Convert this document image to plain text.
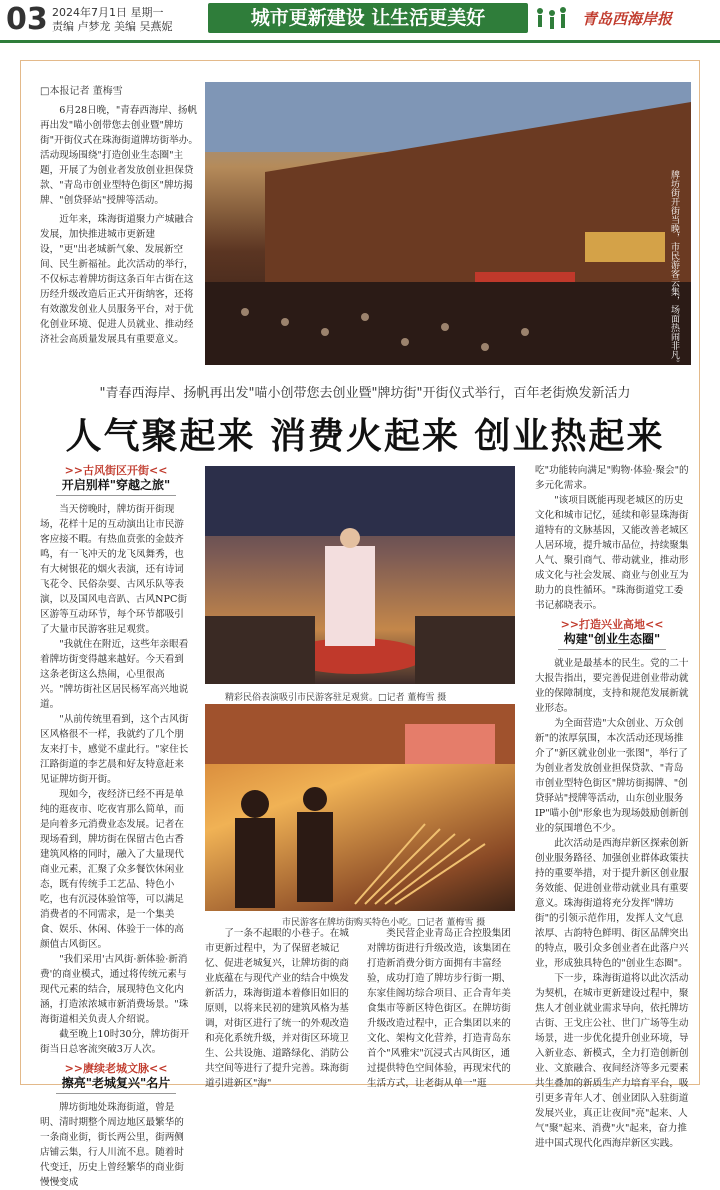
03 2024年7月1日 星期一
责编 卢梦龙 美编 吴燕妮	城市更新建设 让生活更美好	青岛西海岸报
□本报记者 董梅雪

6月28日晚，"青春西海岸、扬帆再出发"喵小创带您去创业暨"牌坊街"开街仪式在珠海街道牌坊街举办。活动现场围绕"打造创业生态圈"主题，开展了为创业者发放创业担保贷款、"青岛市创业型特色街区"牌坊揭牌、"创贷驿站"授牌等活动。

近年来，珠海街道聚力产城融合发展，加快推进城市更新建设，"更"出老城新气象、发展新空间、民生新福祉。此次活动的举行，不仅标志着牌坊街这条百年古街在这历经升级改造后正式开街纳客，还将有效激发创业人员服务平台，对于优化创业环境、促进人员就业、推动经济社会高质量发展具有重要意义。	牌坊街开街当晚，市民游客云集，场面热闹非凡。
"青春西海岸、扬帆再出发"喵小创带您去创业暨"牌坊街"开街仪式举行，百年老街焕发新活力
人气聚起来 消费火起来 创业热起来
>>古风街区开街<<
开启别样"穿越之旅"

当天傍晚时，牌坊街开街现场，花样十足的互动演出让市民游客应接不暇。有热血贲张的金鼓齐鸣，有一飞冲天的龙飞凤舞秀，也有大树银花的烟火表演，还有诗词飞花令、民俗杂耍、古风乐队等表演，以及国风电音趴、古风NPC街区游等互动环节，每个环节都吸引了大量市民游客驻足观赏。

"我就住在附近，这些年亲眼看着牌坊街变得越来越好。今天看到这条老街这么热闹，心里很高兴。"牌坊街社区居民杨军高兴地说道。

"从前传统里看到，这个古风街区风格很不一样，我就约了几个朋友来打卡，感觉不虚此行。"家住长江路街道的李艺晨和好友特意赶来见证牌坊街开街。

现如今，夜经济已经不再是单纯的逛夜市、吃夜宵那么简单，而是向着多元消费业态发展。记者在现场看到，牌坊街在保留古色古香建筑风格的同时，融入了大量现代商业元素，汇聚了众多餐饮休闲业态，既有传统手工艺品、特色小吃，也有沉浸体验馆等，可以满足消费者的不同需求，是一个集美食、娱乐、休闲、体验于一体的高颜值古风街区。

"我们采用'古风街·新体验·新消费'的商业模式，通过将传统元素与现代元素的结合，展现特色文化内涵，打造浓浓城市新消费场景。"珠海街道相关负责人介绍说。

截至晚上10时30分，牌坊街开街当日总客流突破3万人次。

>>赓续老城文脉<<
擦亮"老城复兴"名片

牌坊街地处珠海街道，曾是明、清时期整个周边地区最繁华的一条商业街，街长两公里，街两侧店铺云集，行人川流不息。随着时代变迁，历史上曾经繁华的商业街慢慢变成

精彩民俗表演吸引市民游客驻足观赏。□记者 董梅雪 摄
市民游客在牌坊街购买特色小吃。□记者 董梅雪 摄

了一条不起眼的小巷子。在城市更新过程中，为了保留老城记忆、促进老城复兴，让牌坊街的商业底蕴在与现代产业的结合中焕发新活力，珠海街道本着修旧如旧的原则，以将来民初的建筑风格为基调，对街区进行了统一的外观改造和亮化系统升级，并对街区环境卫生、公共设施、道路绿化、消防公共空间等进行了提升完善。珠海街道引进新区"海"

类民营企业青岛正合控股集团对牌坊街进行升级改造，该集团在打造新消费分街方面拥有丰富经验，成功打造了牌坊步行街一期、东家佳阁坊综合项目、正合青年美食集市等新区特色街区。在牌坊街升级改造过程中，正合集团以来的文化、架构文化营养，打造青岛东首个"风雅宋"沉浸式古风街区，通过提供特色空间体验，再现宋代的生活方式，让老街从单一"逛

吃"功能转向满足"购物·体验·聚会"的多元化需求。

"该项目既能再现老城区的历史文化和城市记忆，延续和彰显珠海街道特有的文脉基因，又能改善老城区人居环境，提升城市品位，持续聚集人气、聚引商气、带动就业，推动形成文化与社会发展、商业与创业互为助力的良性循环。"珠海街道党工委书记郝晓表示。

>>打造兴业高地<<
构建"创业生态圈"

就业是最基本的民生。党的二十大报告指出，要完善促进创业带动就业的保障制度，支持和规范发展新就业形态。

为全面营造"大众创业、万众创新"的浓厚氛围，本次活动还现场推介了"新区就业创业一张图"，举行了为创业者发放创业担保贷款、"青岛市创业型特色街区"牌坊街揭牌、"创贷驿站"授牌等活动，山东创业服务IP"喵小创"形象也为现场鼓励创新创业的氛围增色不少。

此次活动是西海岸新区探索创新创业服务路径、加强创业群体政策扶持的重要举措，对于提升新区创业服务效能、促进创业带动就业具有重要意义。珠海街道将充分发挥"牌坊街"的引领示范作用，发挥人文气息浓厚、古韵特色鲜明、街区品牌突出的特点，吸引众多创业者在此落户兴业，形成独具特色的"创业生态圈"。

下一步，珠海街道将以此次活动为契机，在城市更新建设过程中，聚焦人才创业就业需求导向，依托牌坊古街、王戈庄公社、世门广场等生动场景，进一步优化提升创业环境，导入新业态、新模式，全力打造创新创业、文旅融合、夜间经济等多元要素共生叠加的新质生产力培育平台，吸引更多青年人才、创业团队入驻街道发展兴业，真正让夜间"亮"起来、人气"聚"起来、消费"火"起来，奋力推进中国式现代化西海岸新区实践。
